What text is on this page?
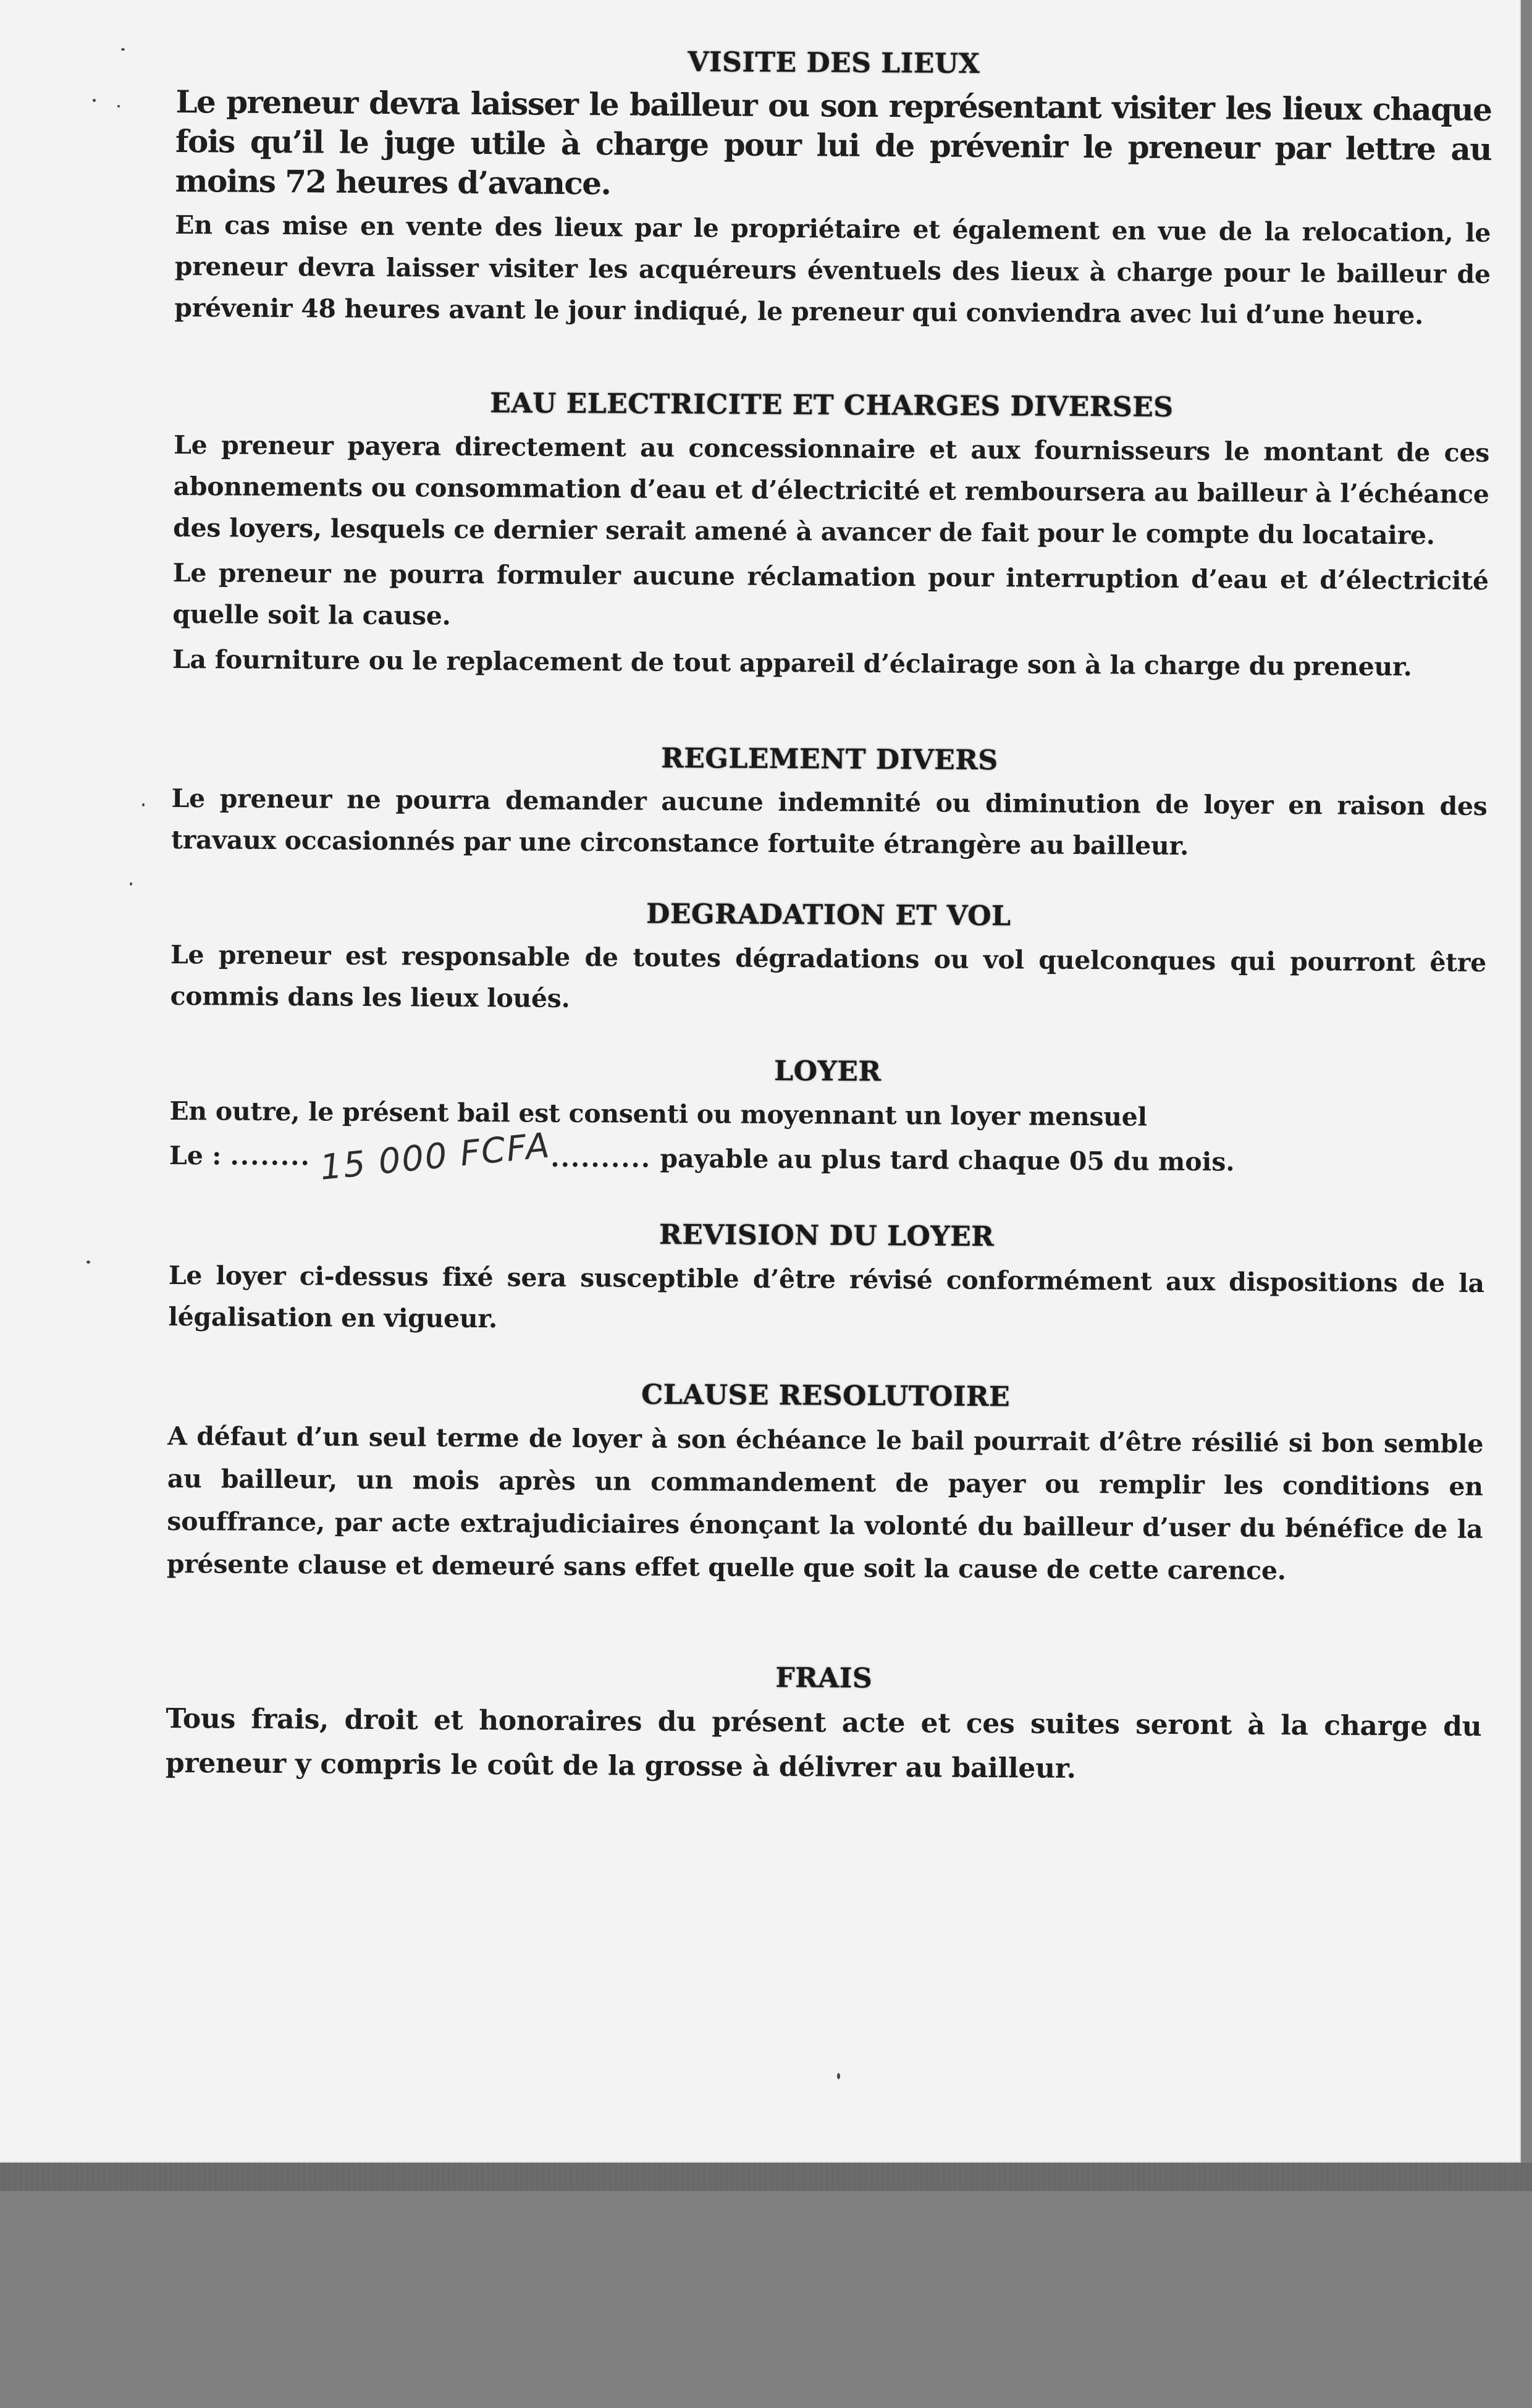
VISITE DES LIEUX

Le preneur devra laisser le bailleur ou son représentant visiter les lieux chaque fois qu’il le juge utile à charge pour lui de prévenir le preneur par lettre au moins 72 heures d’avance.

En cas mise en vente des lieux par le propriétaire et également en vue de la relocation, le preneur devra laisser visiter les acquéreurs éventuels des lieux à charge pour le bailleur de prévenir 48 heures avant le jour indiqué, le preneur qui conviendra avec lui d’une heure.

EAU ELECTRICITE ET CHARGES DIVERSES

Le preneur payera directement au concessionnaire et aux fournisseurs le montant de ces abonnements ou consommation d’eau et d’électricité et remboursera au bailleur à l’échéance des loyers, lesquels ce dernier serait amené à avancer de fait pour le compte du locataire.

Le preneur ne pourra formuler aucune réclamation pour interruption d’eau et d’électricité quelle soit la cause.

La fourniture ou le replacement de tout appareil d’éclairage son à la charge du preneur.

REGLEMENT DIVERS

Le preneur ne pourra demander aucune indemnité ou diminution de loyer en raison des travaux occasionnés par une circonstance fortuite étrangère au bailleur.

DEGRADATION ET VOL

Le preneur est responsable de toutes dégradations ou vol quelconques qui pourront être commis dans les lieux loués.

LOYER

En outre, le présent bail est consenti ou moyennant un loyer mensuel

Le : ........ 15 000 FCFA.......... payable au plus tard chaque 05 du mois.
REVISION DU LOYER

Le loyer ci-dessus fixé sera susceptible d’être révisé conformément aux dispositions de la légalisation en vigueur.

CLAUSE RESOLUTOIRE

A défaut d’un seul terme de loyer à son échéance le bail pourrait d’être résilié si bon semble au bailleur, un mois après un commandement de payer ou remplir les conditions en souffrance, par acte extrajudiciaires énonçant la volonté du bailleur d’user du bénéfice de la présente clause et demeuré sans effet quelle que soit la cause de cette carence.

FRAIS

Tous frais, droit et honoraires du présent acte et ces suites seront à la charge du preneur y compris le coût de la grosse à délivrer au bailleur.
